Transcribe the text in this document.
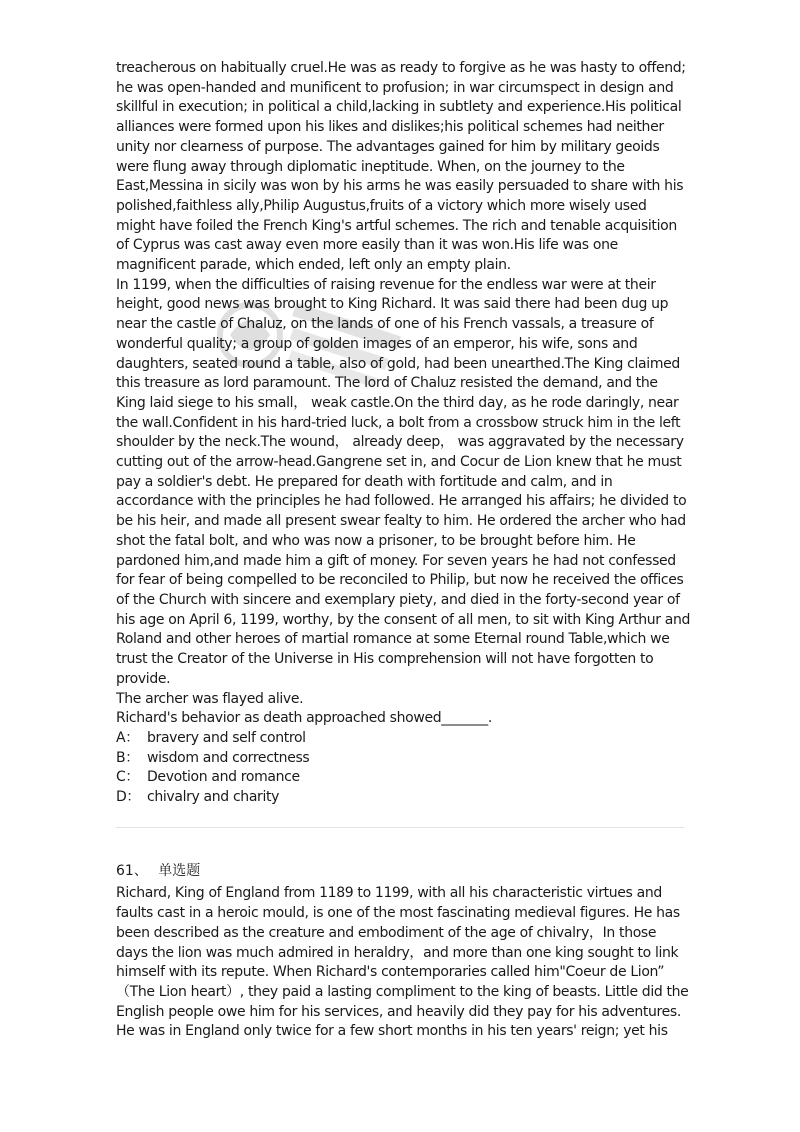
treacherous on habitually cruel.He was as ready to forgive as he was hasty to offend;
he was open-handed and munificent to profusion; in war circumspect in design and
skillful in execution; in political a child,lacking in subtlety and experience.His political
alliances were formed upon his likes and dislikes;his political schemes had neither
unity nor clearness of purpose. The advantages gained for him by military geoids
were flung away through diplomatic ineptitude. When, on the journey to the
East,Messina in sicily was won by his arms he was easily persuaded to share with his
polished,faithless ally,Philip Augustus,fruits of a victory which more wisely used
might have foiled the French King's artful schemes. The rich and tenable acquisition
of Cyprus was cast away even more easily than it was won.His life was one
magnificent parade, which ended, left only an empty plain.
In 1199, when the difficulties of raising revenue for the endless war were at their
height, good news was brought to King Richard. It was said there had been dug up
near the castle of Chaluz, on the lands of one of his French vassals, a treasure of
wonderful quality; a group of golden images of an emperor, his wife, sons and
daughters, seated round a table, also of gold, had been unearthed.The King claimed
this treasure as lord paramount. The lord of Chaluz resisted the demand, and the
King laid siege to his small， weak castle.On the third day, as he rode daringly, near
the wall.Confident in his hard-tried luck, a bolt from a crossbow struck him in the left
shoulder by the neck.The wound， already deep， was aggravated by the necessary
cutting out of the arrow-head.Gangrene set in, and Cocur de Lion knew that he must
pay a soldier's debt. He prepared for death with fortitude and calm, and in
accordance with the principles he had followed. He arranged his affairs; he divided to
be his heir, and made all present swear fealty to him. He ordered the archer who had
shot the fatal bolt, and who was now a prisoner, to be brought before him. He
pardoned him,and made him a gift of money. For seven years he had not confessed
for fear of being compelled to be reconciled to Philip, but now he received the offices
of the Church with sincere and exemplary piety, and died in the forty-second year of
his age on April 6, 1199, worthy, by the consent of all men, to sit with King Arthur and
Roland and other heroes of martial romance at some Eternal round Table,which we
trust the Creator of the Universe in His comprehension will not have forgotten to
provide.
The archer was flayed alive.
Richard's behavior as death approached showed_______.
A： bravery and self control
B： wisdom and correctness
C： Devotion and romance
D： chivalry and charity
61、 单选题
Richard, King of England from 1189 to 1199, with all his characteristic virtues and
faults cast in a heroic mould, is one of the most fascinating medieval figures. He has
been described as the creature and embodiment of the age of chivalry，In those
days the lion was much admired in heraldry，and more than one king sought to link
himself with its repute. When Richard's contemporaries called him"Coeur de Lion”
（The Lion heart）, they paid a lasting compliment to the king of beasts. Little did the
English people owe him for his services, and heavily did they pay for his adventures.
He was in England only twice for a few short months in his ten years' reign; yet his
